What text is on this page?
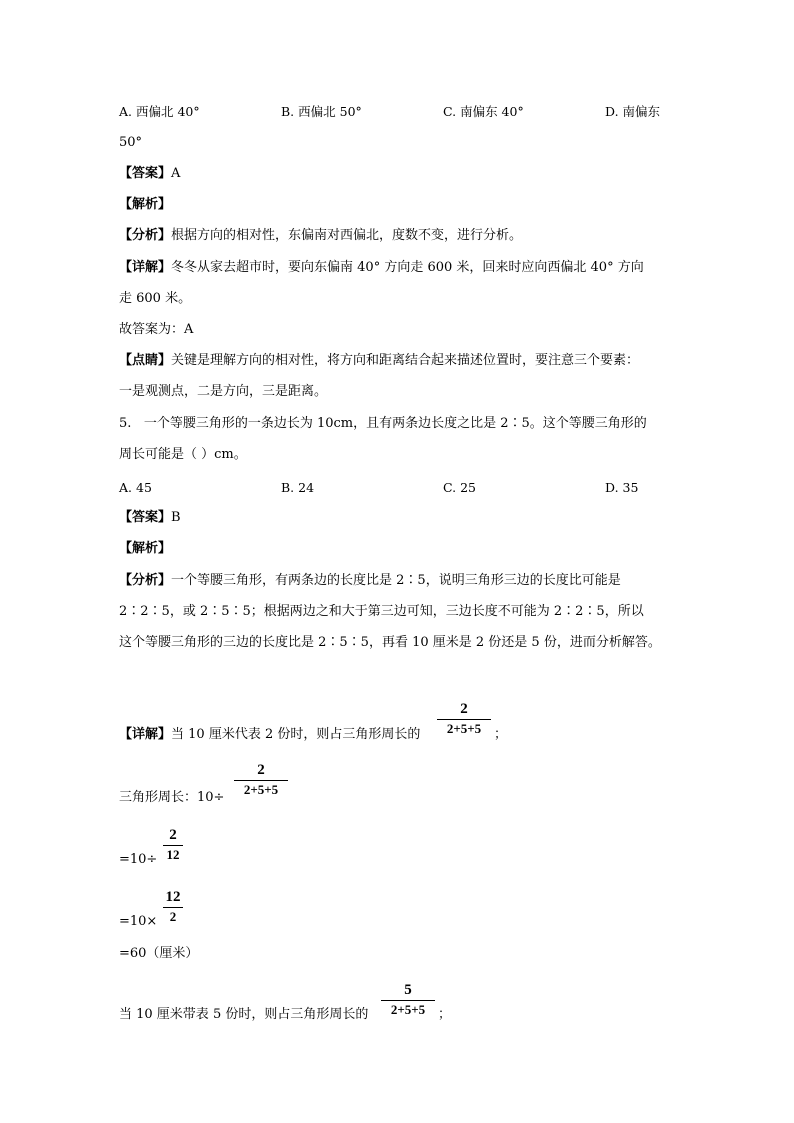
A. 西偏北 40°	B. 西偏北 50°	C. 南偏东 40°	D. 南偏东
50°
【答案】A
【解析】
【分析】根据方向的相对性，东偏南对西偏北，度数不变，进行分析。
【详解】冬冬从家去超市时，要向东偏南 40° 方向走 600 米，回来时应向西偏北 40° 方向
走 600 米。
故答案为：A
【点睛】关键是理解方向的相对性，将方向和距离结合起来描述位置时，要注意三个要素：
一是观测点，二是方向，三是距离。
5. 一个等腰三角形的一条边长为 10cm，且有两条边长度之比是 2∶5。这个等腰三角形的
周长可能是（ ）cm。
A. 45	B. 24	C. 25	D. 35
【答案】B
【解析】
【分析】一个等腰三角形，有两条边的长度比是 2∶5，说明三角形三边的长度比可能是
2∶2∶5，或 2∶5∶5；根据两边之和大于第三边可知，三边长度不可能为 2∶2∶5，所以
这个等腰三角形的三边的长度比是 2∶5∶5，再看 10 厘米是 2 份还是 5 份，进而分析解答。
【详解】当 10 厘米代表 2 份时，则占三角形周长的
2
2+5+5 ；
三角形周长：10÷
2
2+5+5
=10÷
2
12
=10×
12
2
=60（厘米）
当 10 厘米带表 5 份时，则占三角形周长的
5
2+5+5 ；
